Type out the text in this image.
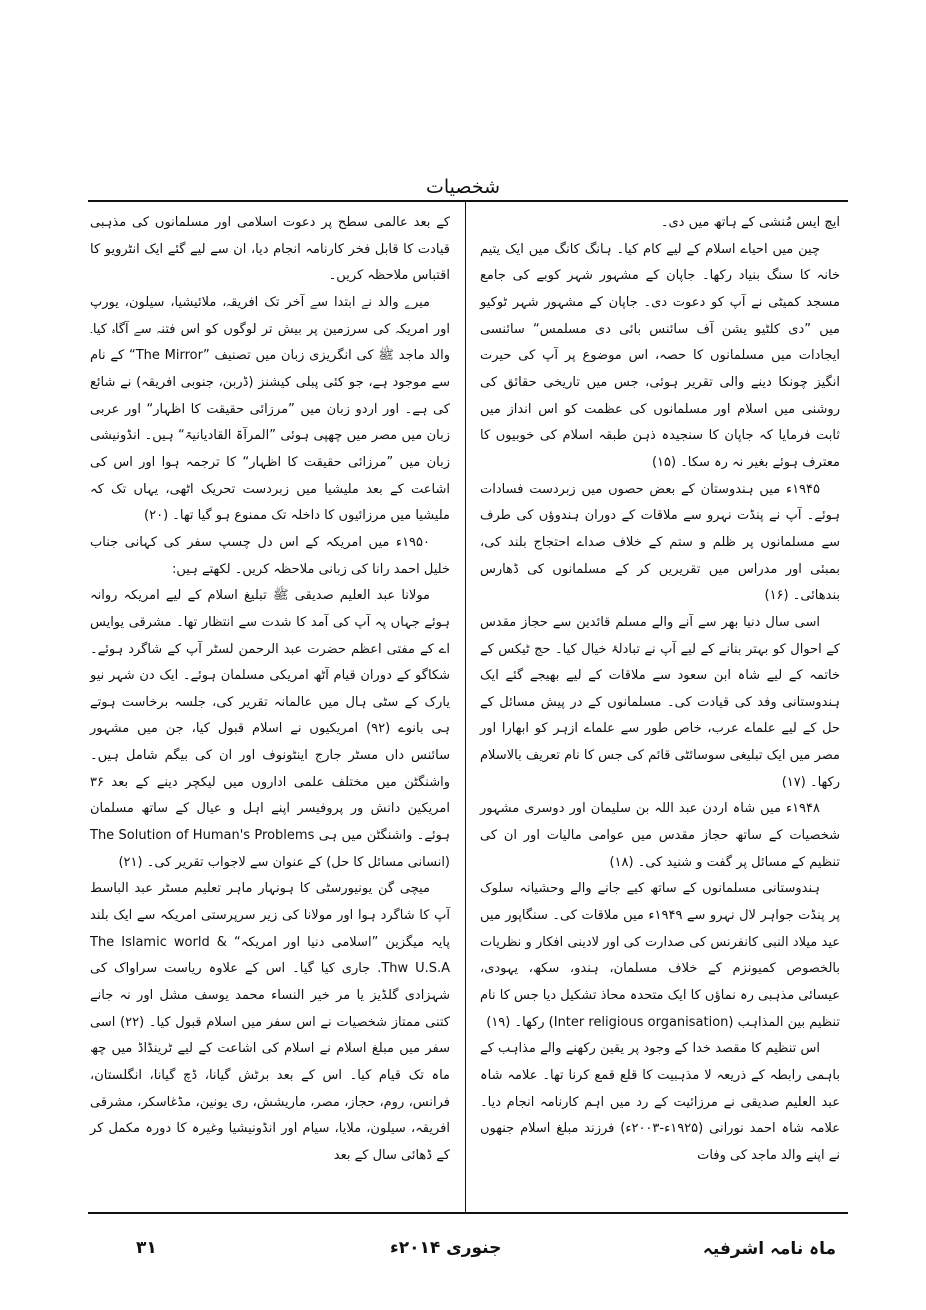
شخصیات

ایچ ایس مُنشی کے ہاتھ میں دی۔

چین میں احیاے اسلام کے لیے کام کیا۔ ہانگ کانگ میں ایک یتیم خانہ کا سنگ بنیاد رکھا۔ جاپان کے مشہور شہر کوبے کی جامع مسجد کمیٹی نے آپ کو دعوت دی۔ جاپان کے مشہور شہر ٹوکیو میں ”دی کلٹیو یشن آف سائنس بائی دی مسلمس“ سائنسی ایجادات میں مسلمانوں کا حصہ، اس موضوع پر آپ کی حیرت انگیز چونکا دینے والی تقریر ہوئی، جس میں تاریخی حقائق کی روشنی میں اسلام اور مسلمانوں کی عظمت کو اس انداز میں ثابت فرمایا کہ جاپان کا سنجیدہ ذہن طبقہ اسلام کی خوبیوں کا معترف ہوئے بغیر نہ رہ سکا۔ (۱۵)

۱۹۴۵ء میں ہندوستان کے بعض حصوں میں زبردست فسادات ہوئے۔ آپ نے پنڈت نہرو سے ملاقات کے دوران ہندوؤں کی طرف سے مسلمانوں پر ظلم و ستم کے خلاف صداے احتجاج بلند کی، بمبئی اور مدراس میں تقریریں کر کے مسلمانوں کی ڈھارس بندھائی۔ (۱۶)

اسی سال دنیا بھر سے آنے والے مسلم قائدین سے حجاز مقدس کے احوال کو بہتر بنانے کے لیے آپ نے تبادلۂ خیال کیا۔ حج ٹیکس کے خاتمہ کے لیے شاہ ابن سعود سے ملاقات کے لیے بھیجے گئے ایک ہندوستانی وفد کی قیادت کی۔ مسلمانوں کے در پیش مسائل کے حل کے لیے علماے عرب، خاص طور سے علماے ازہر کو ابھارا اور مصر میں ایک تبلیغی سوسائٹی قائم کی جس کا نام تعریف بالاسلام رکھا۔ (۱۷)

۱۹۴۸ء میں شاہ اردن عبد اللہ بن سلیمان اور دوسری مشہور شخصیات کے ساتھ حجاز مقدس میں عوامی مالیات اور ان کی تنظیم کے مسائل پر گفت و شنید کی۔ (۱۸)

ہندوستانی مسلمانوں کے ساتھ کیے جانے والے وحشیانہ سلوک پر پنڈت جواہر لال نہرو سے ۱۹۴۹ء میں ملاقات کی۔ سنگاپور میں عید میلاد النبی کانفرنس کی صدارت کی اور لادینی افکار و نظریات بالخصوص کمیونزم کے خلاف مسلمان، ہندو، سکھ، یہودی، عیسائی مذہبی رہ نماؤں کا ایک متحدہ محاذ تشکیل دیا جس کا نام تنظیم بین المذاہب (Inter religious organisation) رکھا۔ (۱۹)

اس تنظیم کا مقصد خدا کے وجود پر یقین رکھنے والے مذاہب کے باہمی رابطہ کے ذریعہ لا مذہبیت کا قلع قمع کرنا تھا۔ علامہ شاہ عبد العلیم صدیقی نے مرزائیت کے رد میں اہم کارنامہ انجام دیا۔ علامہ شاہ احمد نورانی (۱۹۲۵ء-۲۰۰۳ء) فرزند مبلغ اسلام جنھوں نے اپنے والد ماجد کی وفات

کے بعد عالمی سطح پر دعوت اسلامی اور مسلمانوں کی مذہبی قیادت کا قابل فخر کارنامہ انجام دیا، ان سے لیے گئے ایک انٹرویو کا اقتباس ملاحظہ کریں۔

میرے والد نے ابتدا سے آخر تک افریقہ، ملائیشیا، سیلون، یورپ اور امریکہ کی سرزمین پر بیش تر لوگوں کو اس فتنہ سے آگاہ کیا۔ والد ماجد ﷺ کی انگریزی زبان میں تصنیف ”The Mirror“ کے نام سے موجود ہے، جو کئی پبلی کیشنز (ڈربن، جنوبی افریقہ) نے شائع کی ہے۔ اور اردو زبان میں ”مرزائی حقیقت کا اظہار“ اور عربی زبان میں مصر میں چھپی ہوئی ”المرآۃ القادیانیۃ“ ہیں۔ انڈونیشی زبان میں ”مرزائی حقیقت کا اظہار“ کا ترجمہ ہوا اور اس کی اشاعت کے بعد ملیشیا میں زبردست تحریک اٹھی، یہاں تک کہ ملیشیا میں مرزائیوں کا داخلہ تک ممنوع ہو گیا تھا۔ (۲۰)

۱۹۵۰ء میں امریکہ کے اس دل چسپ سفر کی کہانی جناب خلیل احمد رانا کی زبانی ملاحظہ کریں۔ لکھتے ہیں:

مولانا عبد العلیم صدیقی ﷺ تبلیغ اسلام کے لیے امریکہ روانہ ہوئے جہاں پہ آپ کی آمد کا شدت سے انتظار تھا۔ مشرقی یوایس اے کے مفتی اعظم حضرت عبد الرحمن لسٹر آپ کے شاگرد ہوئے۔ شکاگو کے دوران قیام آٹھ امریکی مسلمان ہوئے۔ ایک دن شہر نیو یارک کے سٹی ہال میں عالمانہ تقریر کی، جلسہ برخاست ہوتے ہی بانوے (۹۲) امریکیوں نے اسلام قبول کیا، جن میں مشہور سائنس داں مسٹر جارج اینٹونوف اور ان کی بیگم شامل ہیں۔ واشنگٹن میں مختلف علمی اداروں میں لیکچر دینے کے بعد ۳۶ امریکین دانش ور پروفیسر اپنے اہل و عیال کے ساتھ مسلمان ہوئے۔ واشنگٹن میں ہی The Solution of Human's Problems (انسانی مسائل کا حل) کے عنوان سے لاجواب تقریر کی۔ (۲۱)

میچی گن یونیورسٹی کا ہونہار ماہر تعلیم مسٹر عبد الباسط آپ کا شاگرد ہوا اور مولانا کی زیر سرپرستی امریکہ سے ایک بلند پایہ میگزین ”اسلامی دنیا اور امریکہ“ The Islamic world & Thw U.S.A. جاری کیا گیا۔ اس کے علاوہ ریاست سراواک کی شہزادی گلڈیز یا مر خیر النساء محمد یوسف مشل اور نہ جانے کتنی ممتاز شخصیات نے اس سفر میں اسلام قبول کیا۔ (۲۲) اسی سفر میں مبلغ اسلام نے اسلام کی اشاعت کے لیے ٹرینڈاڈ میں چھ ماہ تک قیام کیا۔ اس کے بعد برٹش گیانا، ڈچ گیانا، انگلستان، فرانس، روم، حجاز، مصر، ماریشش، ری یونین، مڈغاسکر، مشرقی افریقہ، سیلون، ملایا، سیام اور انڈونیشیا وغیرہ کا دورہ مکمل کر کے ڈھائی سال کے بعد

ماہ نامہ اشرفیہ
جنوری ۲۰۱۴ء
۳۱
